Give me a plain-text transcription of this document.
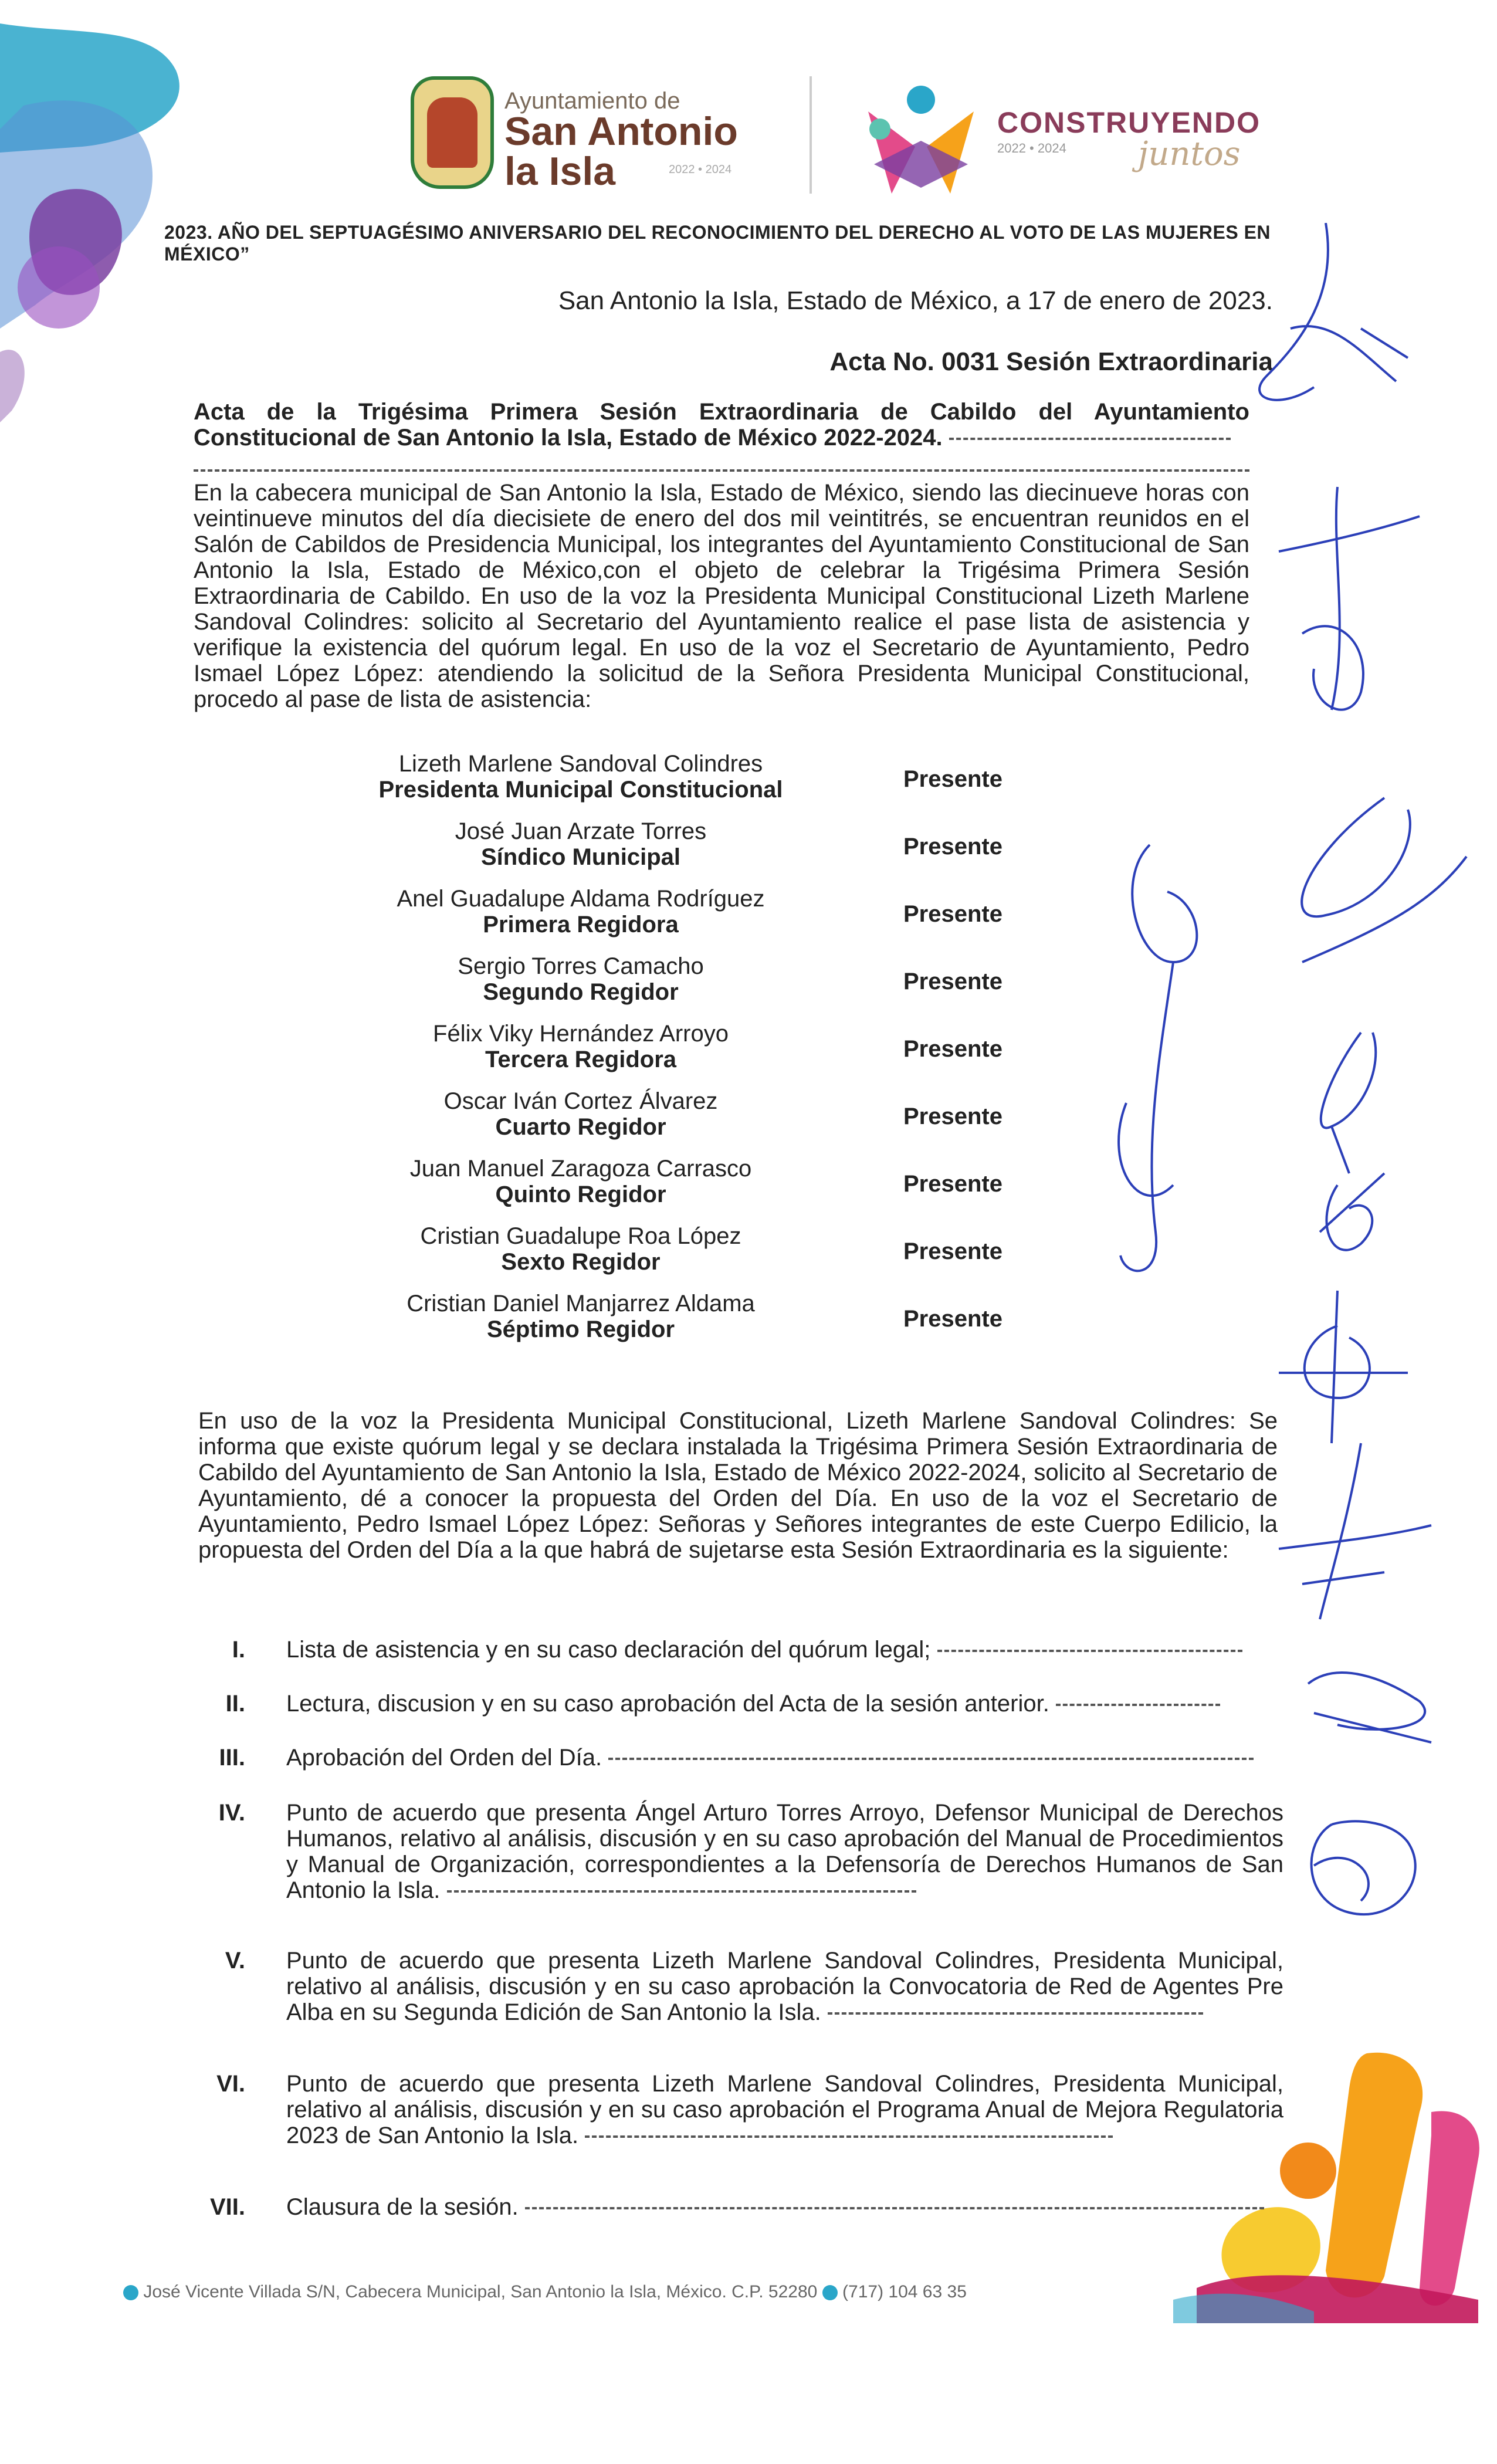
Ayuntamiento de
San Antonio
la Isla	2022 • 2024
CONSTRUYENDO
2022 • 2024 juntos
2023. AÑO DEL SEPTUAGÉSIMO ANIVERSARIO DEL RECONOCIMIENTO DEL DERECHO AL VOTO DE LAS MUJERES EN MÉXICO”
San Antonio la Isla, Estado de México, a 17 de enero de 2023.
Acta No. 0031 Sesión Extraordinaria
Acta de la Trigésima Primera Sesión Extraordinaria de Cabildo del Ayuntamiento Constitucional de San Antonio la Isla, Estado de México 2022-2024.
En la cabecera municipal de San Antonio la Isla, Estado de México, siendo las diecinueve horas con veintinueve minutos del día diecisiete de enero del dos mil veintitrés, se encuentran reunidos en el Salón de Cabildos de Presidencia Municipal, los integrantes del Ayuntamiento Constitucional de San Antonio la Isla, Estado de México,con el objeto de celebrar la Trigésima Primera Sesión Extraordinaria de Cabildo. En uso de la voz la Presidenta Municipal Constitucional Lizeth Marlene Sandoval Colindres: solicito al Secretario del Ayuntamiento realice el pase lista de asistencia y verifique la existencia del quórum legal. En uso de la voz el Secretario de Ayuntamiento, Pedro Ismael López López: atendiendo la solicitud de la Señora Presidenta Municipal Constitucional, procedo al pase de lista de asistencia:
Lizeth Marlene Sandoval Colindres
Presidenta Municipal Constitucional	Presente
José Juan Arzate Torres
Síndico Municipal	Presente
Anel Guadalupe Aldama Rodríguez
Primera Regidora	Presente
Sergio Torres Camacho
Segundo Regidor	Presente
Félix Viky Hernández Arroyo
Tercera Regidora	Presente
Oscar Iván Cortez Álvarez
Cuarto Regidor	Presente
Juan Manuel Zaragoza Carrasco
Quinto Regidor	Presente
Cristian Guadalupe Roa López
Sexto Regidor	Presente
Cristian Daniel Manjarrez Aldama
Séptimo Regidor	Presente
En uso de la voz la Presidenta Municipal Constitucional, Lizeth Marlene Sandoval Colindres: Se informa que existe quórum legal y se declara instalada la Trigésima Primera Sesión Extraordinaria de Cabildo del Ayuntamiento de San Antonio la Isla, Estado de México 2022-2024, solicito al Secretario de Ayuntamiento, dé a conocer la propuesta del Orden del Día. En uso de la voz el Secretario de Ayuntamiento, Pedro Ismael López López: Señoras y Señores integrantes de este Cuerpo Edilicio, la propuesta del Orden del Día a la que habrá de sujetarse esta Sesión Extraordinaria es la siguiente:
I. Lista de asistencia y en su caso declaración del quórum legal;
II. Lectura, discusion y en su caso aprobación del Acta de la sesión anterior.
III. Aprobación del Orden del Día.
IV. Punto de acuerdo que presenta Ángel Arturo Torres Arroyo, Defensor Municipal de Derechos Humanos, relativo al análisis, discusión y en su caso aprobación del Manual de Procedimientos y Manual de Organización, correspondientes a la Defensoría de Derechos Humanos de San Antonio la Isla.
V. Punto de acuerdo que presenta Lizeth Marlene Sandoval Colindres, Presidenta Municipal, relativo al análisis, discusión y en su caso aprobación la Convocatoria de Red de Agentes Pre Alba en su Segunda Edición de San Antonio la Isla.
VI. Punto de acuerdo que presenta Lizeth Marlene Sandoval Colindres, Presidenta Municipal, relativo al análisis, discusión y en su caso aprobación el Programa Anual de Mejora Regulatoria 2023 de San Antonio la Isla.
VII. Clausura de la sesión.
José Vicente Villada S/N, Cabecera Municipal, San Antonio la Isla, México. C.P. 52280 (717) 104 63 35
